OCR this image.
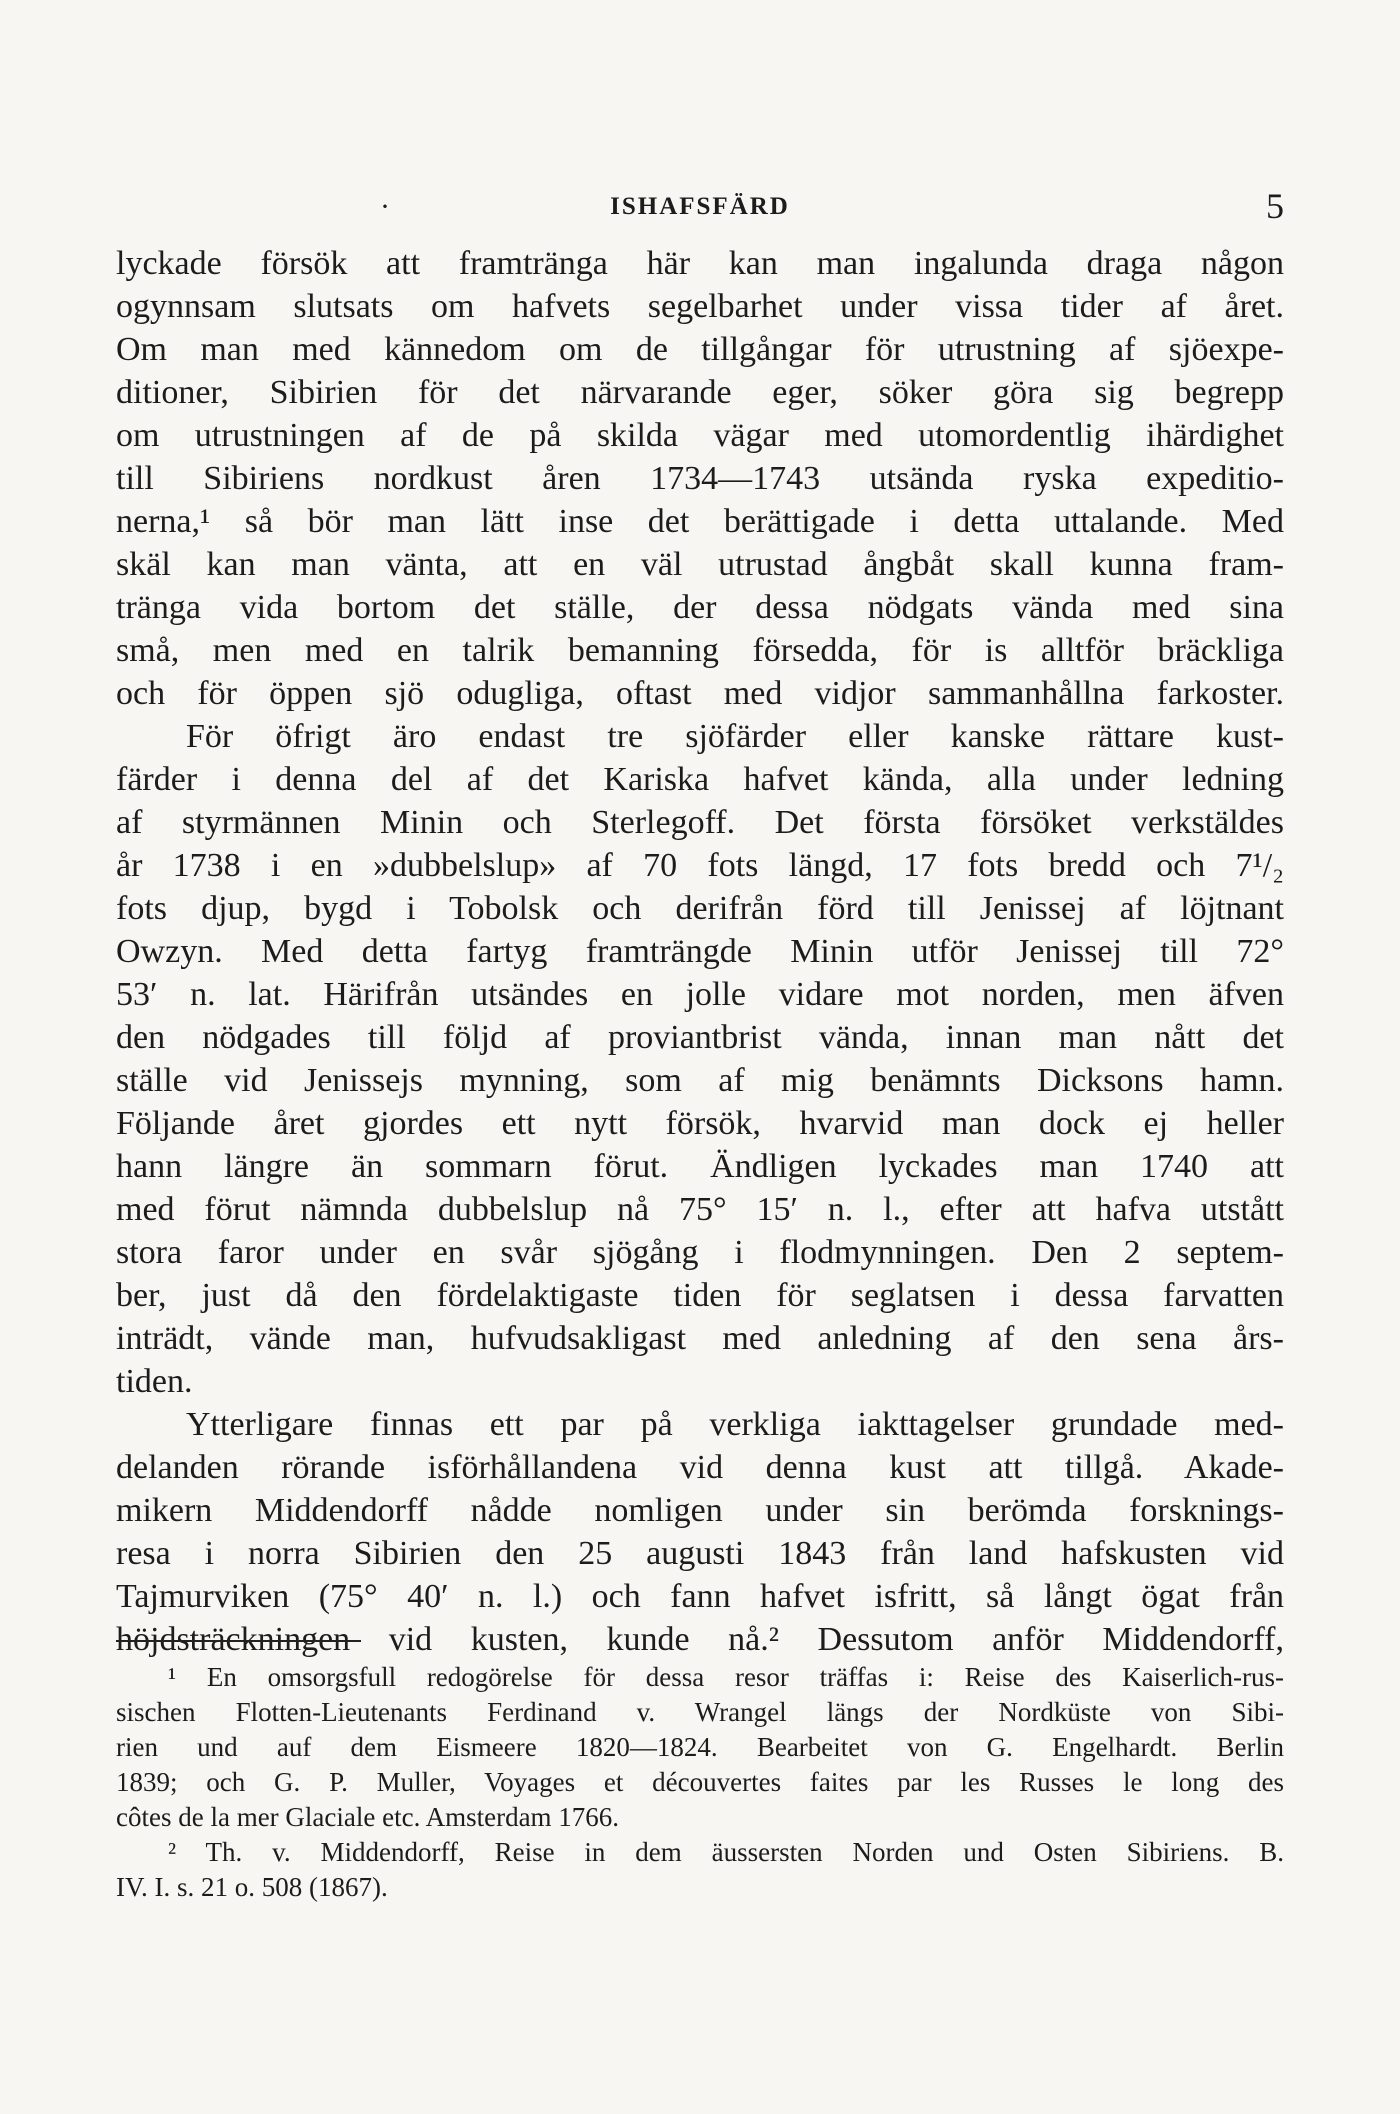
·	ISHAFSFÄRD	5
lyckade försök att framtränga här kan man ingalunda draga någon
ogynnsam slutsats om hafvets segelbarhet under vissa tider af året.
Om man med kännedom om de tillgångar för utrustning af sjöexpe-
ditioner, Sibirien för det närvarande eger, söker göra sig begrepp
om utrustningen af de på skilda vägar med utomordentlig ihärdighet
till Sibiriens nordkust åren 1734—1743 utsända ryska expeditio-
nerna,¹ så bör man lätt inse det berättigade i detta uttalande. Med
skäl kan man vänta, att en väl utrustad ångbåt skall kunna fram-
tränga vida bortom det ställe, der dessa nödgats vända med sina
små, men med en talrik bemanning försedda, för is alltför bräckliga
och för öppen sjö odugliga, oftast med vidjor sammanhållna farkoster.
För öfrigt äro endast tre sjöfärder eller kanske rättare kust-
färder i denna del af det Kariska hafvet kända, alla under ledning
af styrmännen Minin och Sterlegoff. Det första försöket verkstäldes
år 1738 i en »dubbelslup» af 70 fots längd, 17 fots bredd och 7¹/₂
fots djup, bygd i Tobolsk och derifrån förd till Jenissej af löjtnant
Owzyn. Med detta fartyg framträngde Minin utför Jenissej till 72°
53′ n. lat. Härifrån utsändes en jolle vidare mot norden, men äfven
den nödgades till följd af proviantbrist vända, innan man nått det
ställe vid Jenissejs mynning, som af mig benämnts Dicksons hamn.
Följande året gjordes ett nytt försök, hvarvid man dock ej heller
hann längre än sommarn förut. Ändligen lyckades man 1740 att
med förut nämnda dubbelslup nå 75° 15′ n. l., efter att hafva utstått
stora faror under en svår sjögång i flodmynningen. Den 2 septem-
ber, just då den fördelaktigaste tiden för seglatsen i dessa farvatten
inträdt, vände man, hufvudsakligast med anledning af den sena års-
tiden.
Ytterligare finnas ett par på verkliga iakttagelser grundade med-
delanden rörande isförhållandena vid denna kust att tillgå. Akade-
mikern Middendorff nådde nomligen under sin berömda forsknings-
resa i norra Sibirien den 25 augusti 1843 från land hafskusten vid
Tajmurviken (75° 40′ n. l.) och fann hafvet isfritt, så långt ögat från
höjdsträckningen vid kusten, kunde nå.² Dessutom anför Middendorff,
¹ En omsorgsfull redogörelse för dessa resor träffas i: Reise des Kaiserlich-rus-
sischen Flotten-Lieutenants Ferdinand v. Wrangel längs der Nordküste von Sibi-
rien und auf dem Eismeere 1820—1824. Bearbeitet von G. Engelhardt. Berlin
1839; och G. P. Muller, Voyages et découvertes faites par les Russes le long des
côtes de la mer Glaciale etc. Amsterdam 1766.
² Th. v. Middendorff, Reise in dem äussersten Norden und Osten Sibiriens. B.
IV. I. s. 21 o. 508 (1867).
